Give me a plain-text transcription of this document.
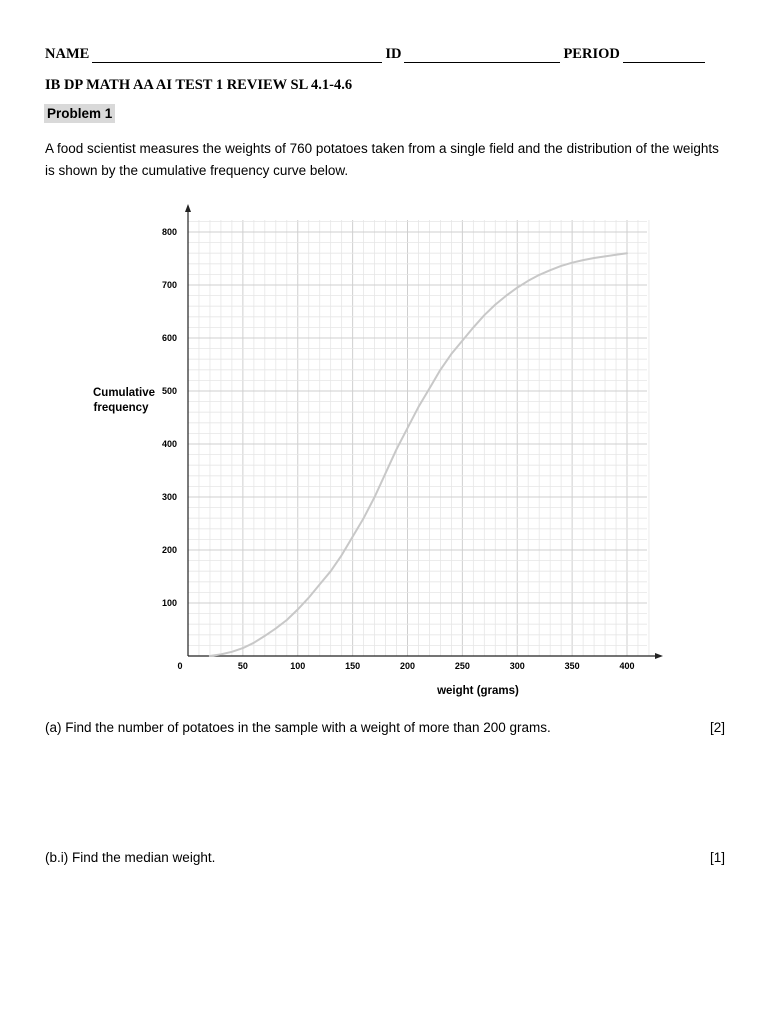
NAME	ID	PERIOD
IB DP MATH AA AI TEST 1 REVIEW SL 4.1-4.6
Problem 1
A food scientist measures the weights of 760 potatoes taken from a single field and the distribution of the weights is shown by the cumulative frequency curve below.
50	100	150	200	250	300	350	400
100
200
300
400
500
600
700
800
Cumulative
frequency
weight (grams)
0
(a) Find the number of potatoes in the sample with a weight of more than 200 grams.	[2]
(b.i) Find the median weight.	[1]
